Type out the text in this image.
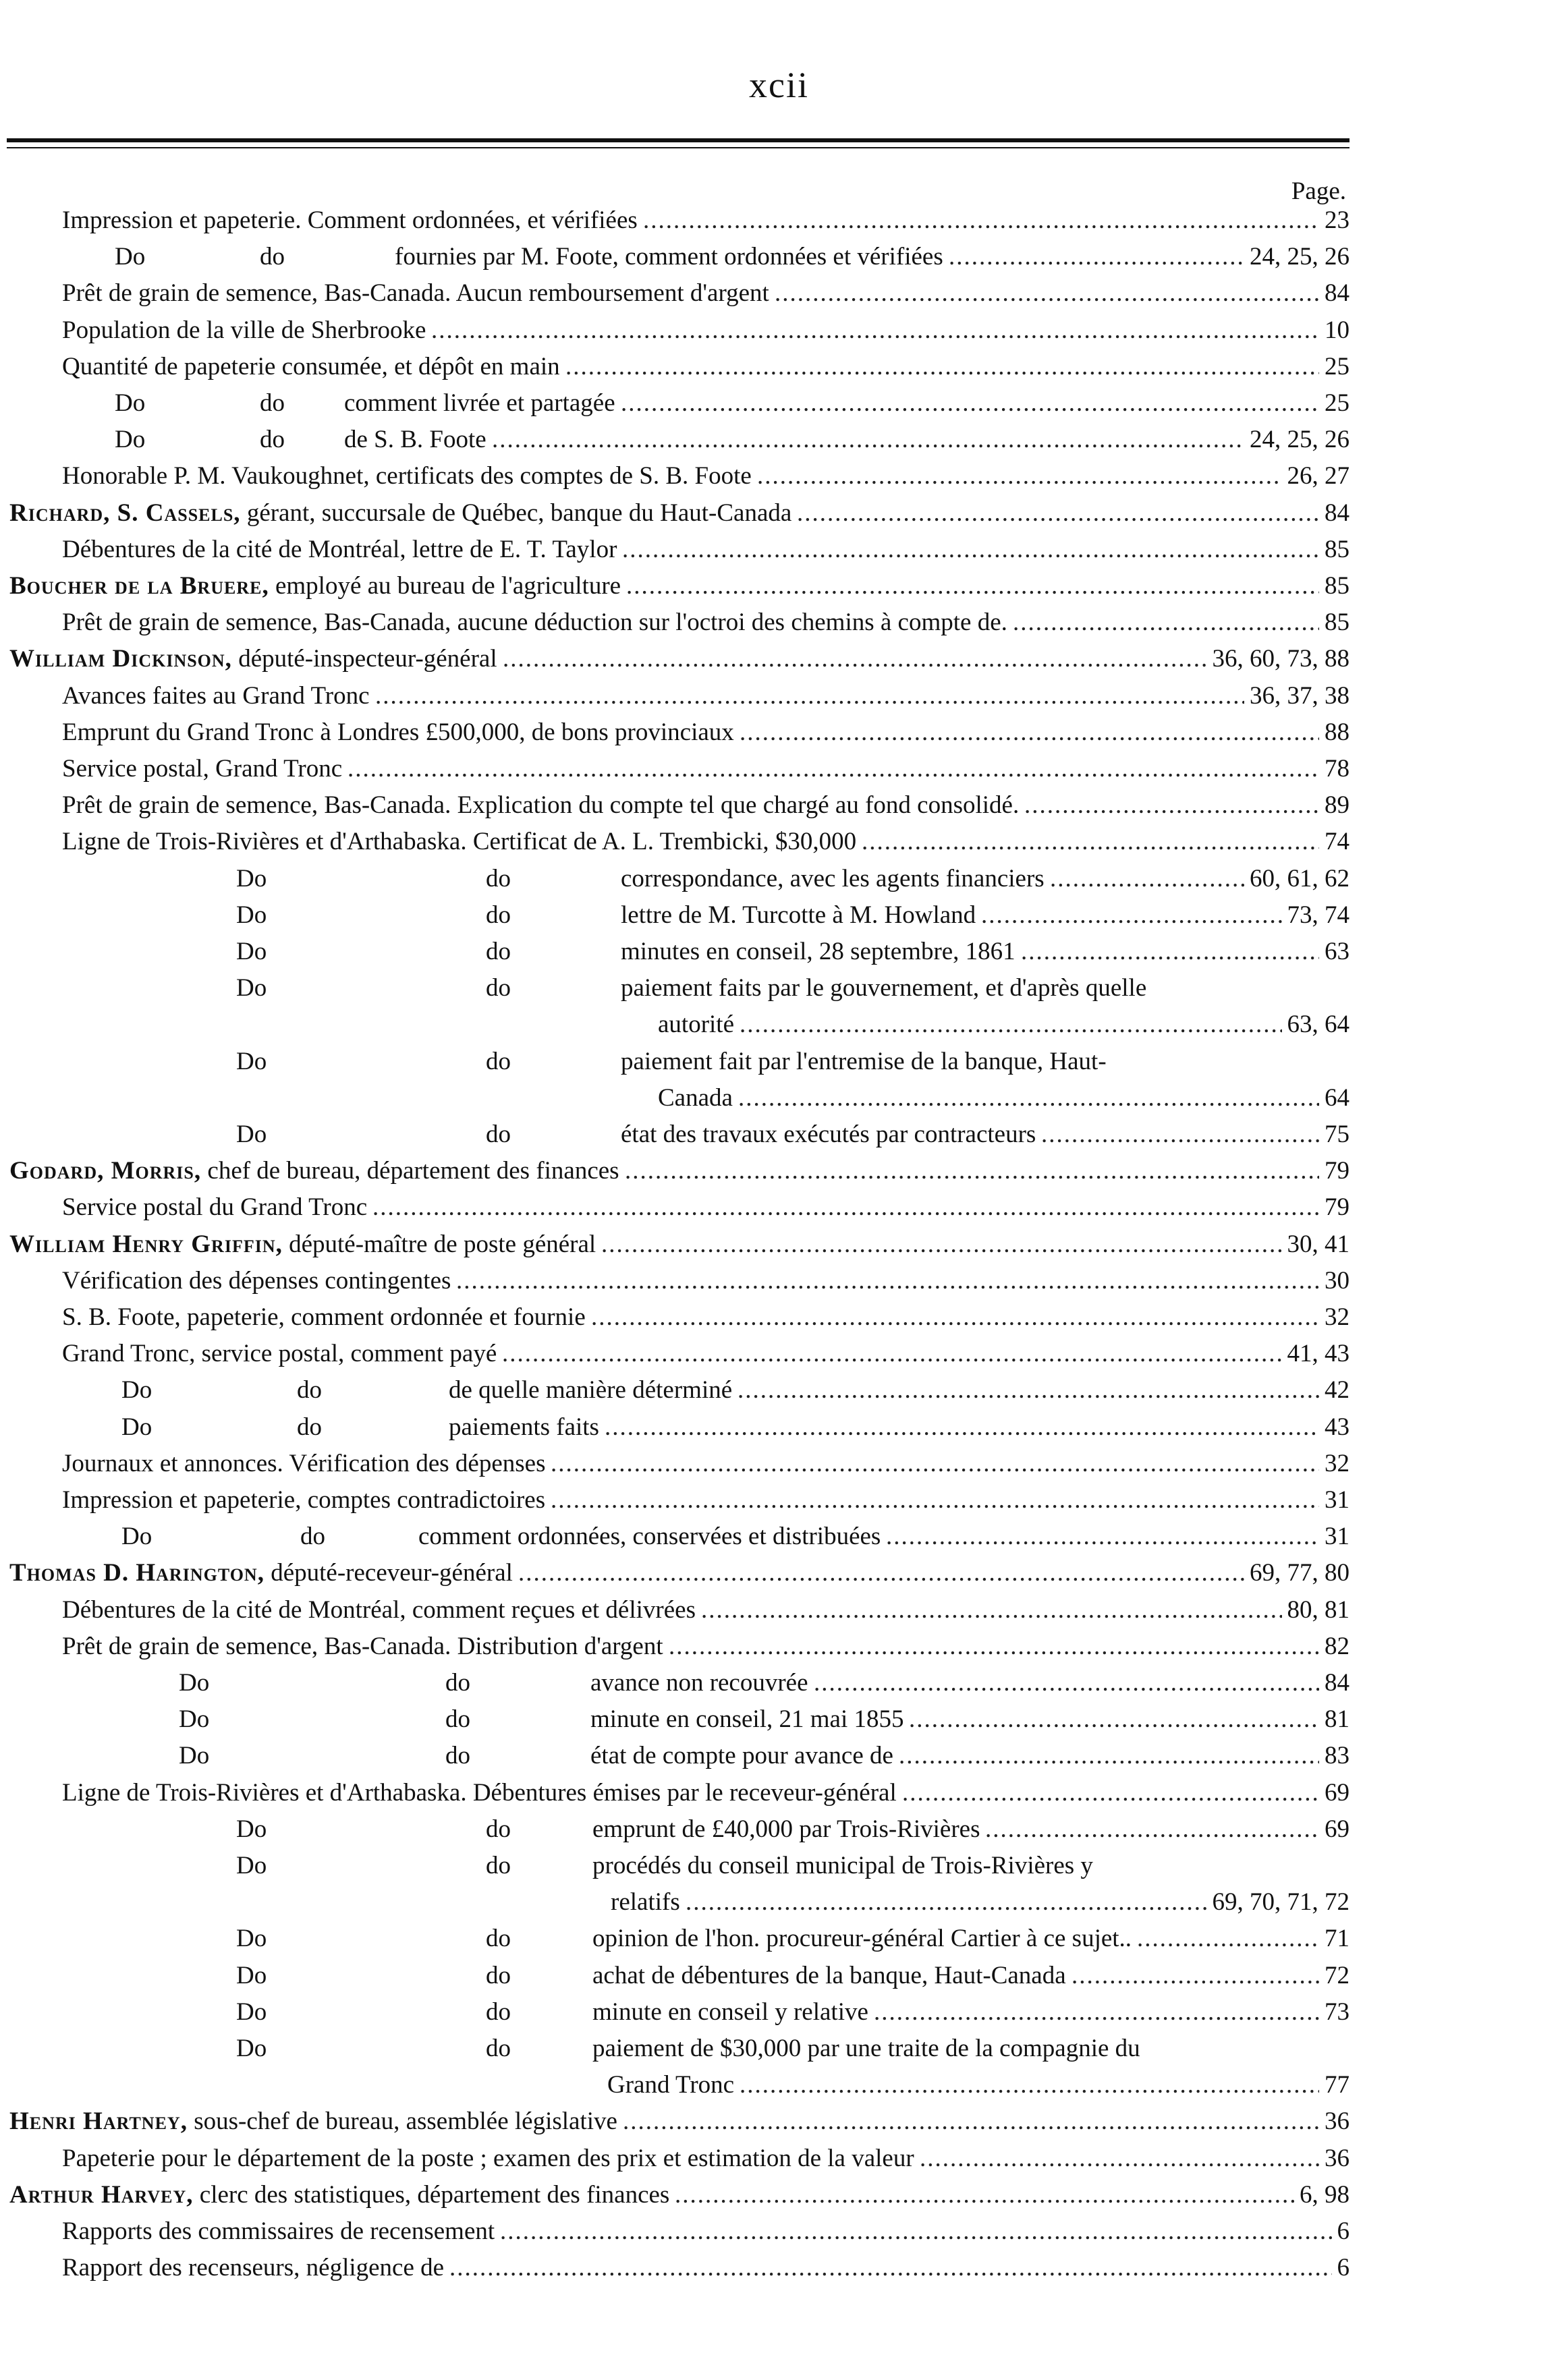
xcii
Page.
Impression et papeterie. Comment ordonnées, et vérifiées	23
.....
Do	do	fournies par M. Foote, comment ordonnées et vérifiées	24, 25, 26
.....
Prêt de grain de semence, Bas-Canada. Aucun remboursement d'argent	84
.....
Population de la ville de Sherbrooke	10
.....
Quantité de papeterie consumée, et dépôt en main	25
.....
Do	do comment livrée et partagée	25
.....
Do	do de S. B. Foote	24, 25, 26
.....
Honorable P. M. Vaukoughnet, certificats des comptes de S. B. Foote	26, 27
.....
Richard, S. Cassels, gérant, succursale de Québec, banque du Haut-Canada	84
.....
Débentures de la cité de Montréal, lettre de E. T. Taylor	85
.....
Boucher de la Bruere, employé au bureau de l'agriculture	85
.....
Prêt de grain de semence, Bas-Canada, aucune déduction sur l'octroi des chemins à compte de.	85
.....
William Dickinson, député-inspecteur-général	36, 60, 73, 88
.....
Avances faites au Grand Tronc	36, 37, 38
.....
Emprunt du Grand Tronc à Londres £500,000, de bons provinciaux	88
.....
Service postal, Grand Tronc	78
.....
Prêt de grain de semence, Bas-Canada. Explication du compte tel que chargé au fond consolidé.	89
.....
Ligne de Trois-Rivières et d'Arthabaska. Certificat de A. L. Trembicki, $30,000	74
.....
Do	do	correspondance, avec les agents financiers	60, 61, 62
.....
Do	do	lettre de M. Turcotte à M. Howland	73, 74
.....
Do	do	minutes en conseil, 28 septembre, 1861	63
.....
Do	do	paiement faits par le gouvernement, et d'après quelle
autorité	63, 64
.....
Do	do	paiement fait par l'entremise de la banque, Haut-
Canada	64
.....
Do	do	état des travaux exécutés par contracteurs	75
.....
Godard, Morris, chef de bureau, département des finances	79
.....
Service postal du Grand Tronc	79
.....
William Henry Griffin, député-maître de poste général	30, 41
.....
Vérification des dépenses contingentes	30
.....
S. B. Foote, papeterie, comment ordonnée et fournie	32
.....
Grand Tronc, service postal, comment payé	41, 43
.....
Do	do	de quelle manière déterminé	42
.....
Do	do	paiements faits	43
.....
Journaux et annonces. Vérification des dépenses	32
.....
Impression et papeterie, comptes contradictoires	31
.....
Do	do	comment ordonnées, conservées et distribuées	31
.....
Thomas D. Harington, député-receveur-général	69, 77, 80
.....
Débentures de la cité de Montréal, comment reçues et délivrées	80, 81
.....
Prêt de grain de semence, Bas-Canada. Distribution d'argent	82
.....
Do	do	avance non recouvrée	84
.....
Do	do	minute en conseil, 21 mai 1855	81
.....
Do	do	état de compte pour avance de	83
.....
Ligne de Trois-Rivières et d'Arthabaska. Débentures émises par le receveur-général	69
.....
Do	do	emprunt de £40,000 par Trois-Rivières	69
.....
Do	do	procédés du conseil municipal de Trois-Rivières y
relatifs	69, 70, 71, 72
.....
Do	do	opinion de l'hon. procureur-général Cartier à ce sujet..	71
.....
Do	do	achat de débentures de la banque, Haut-Canada	72
.....
Do	do	minute en conseil y relative	73
.....
Do	do	paiement de $30,000 par une traite de la compagnie du
Grand Tronc	77
.....
Henri Hartney, sous-chef de bureau, assemblée législative	36
.....
Papeterie pour le département de la poste ; examen des prix et estimation de la valeur	36
.....
Arthur Harvey, clerc des statistiques, département des finances	6, 98
.....
Rapports des commissaires de recensement	6
.....
Rapport des recenseurs, négligence de	6
.....
